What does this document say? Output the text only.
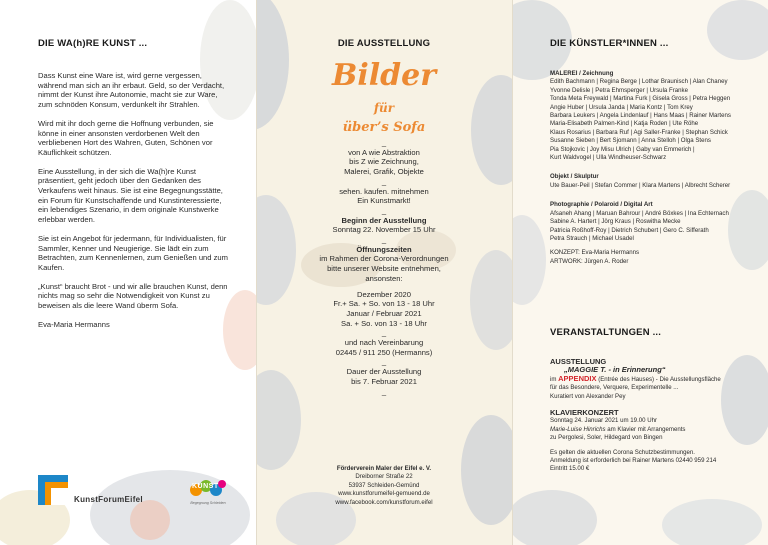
DIE WA(h)RE KUNST ...

Dass Kunst eine Ware ist, wird gerne vergessen, während man sich an ihr erbaut. Geld, so der Verdacht, nimmt der Kunst ihre Autonomie, macht sie zur Ware, zum schnöden Konsum, verdunkelt ihr Strahlen.

Wird mit ihr doch gerne die Hoffnung verbunden, sie könne in einer ansonsten verdorbenen Welt den verbliebenen Hort des Wahren, Guten, Schönen vor Käuflichkeit schützen.

Eine Ausstellung, in der sich die Wa(h)re Kunst präsentiert, geht jedoch über den Gedanken des Verkaufens weit hinaus. Sie ist eine Begegnungsstätte, ein Forum für Kunstschaffende und Kunstinteressierte, ein lebendiges Szenario, in dem originale Kunstwerke erlebbar werden.

Sie ist ein Angebot für jedermann, für Individualisten, für Sammler, Kenner und Neugierige. Sie lädt ein zum Betrachten, zum Kennenlernen, zum Genießen und zum Kaufen.

„Kunst“ braucht Brot - und wir alle brauchen Kunst, denn nichts mag so sehr die Notwendigkeit von Kunst zu beweisen als die leere Wand überm Sofa.

Eva-Maria Hermanns

KunstForumEifel
KUNST
Begegnung Schleiden
DIE AUSSTELLUNG
Bilder
für
über’s Sofa
_
von A wie Abstraktion
bis Z wie Zeichnung,
Malerei, Grafik, Objekte
_
sehen. kaufen. mitnehmen
Ein Kunstmarkt!
_
Beginn der Ausstellung
Sonntag 22. November 15 Uhr
_
Öffnungszeiten
im Rahmen der Corona-Verordnungen
bitte unserer Website entnehmen,
ansonsten:
Dezember 2020
Fr.+ Sa. + So. von 13 - 18 Uhr
Januar / Februar 2021
Sa. + So. von 13 - 18 Uhr
_
und nach Vereinbarung
02445 / 911 250 (Hermanns)
_
Dauer der Ausstellung
bis 7. Februar 2021
_
Förderverein Maler der Eifel e. V.
Dreiborner Straße 22
53937 Schleiden-Gemünd
www.kunstforumeifel-gemuend.de
www.facebook.com/kunstforum.eifel
DIE KÜNSTLER*INNEN ...
MALEREI / Zeichnung
Edith Bachmann | Regina Berge | Lothar Braunisch | Alan Chaney
Yvonne Delisle | Petra Ehmsperger | Ursula Franke
Tonda Meta Freywald | Martina Furk | Gisela Gross | Petra Heggen
Angie Huber | Ursula Janda | Maria Kontz | Tom Krey
Barbara Leukers | Angela Lindenlauf | Hans Maas | Rainer Martens
Maria-Elisabeth Palmen-Kind | Katja Roden | Ute Röhe
Klaus Rosarius | Barbara Ruf | Agi Saller-Franke | Stephan Schick
Susanne Sieben | Bert Sjomann | Anna Stelloh | Olga Stens
Pia Stojkovic | Joy Misu Ulrich | Gaby van Emmerich |
Kurt Waldvogel | Ulla Windheuser-Schwarz
Objekt / Skulptur
Ute Bauer-Peil | Stefan Commer | Klara Martens | Albrecht Scherer
Photographie / Polaroid / Digital Art
Afsaneh Ahang | Maruan Bahrour | André Böxkes | Ina Echternach
Sabine A. Hartert | Jörg Kraus | Roswitha Mecke
Patricia Roßhoff-Roy | Dietrich Schubert | Gero C. Sifferath
Petra Strauch | Michael Usadel
KONZEPT: Eva-Maria Hermanns
ARTWORK: Jürgen A. Roder
VERANSTALTUNGEN ...
AUSSTELLUNG
„MAGGIE T. - in Erinnerung“
im APPENDIX (Entrée des Hauses) - Die Ausstellungsfläche
für das Besondere, Verquere, Experimentelle ...
Kuratiert von Alexander Pey
KLAVIERKONZERT
Sonntag 24. Januar 2021 um 19.00 Uhr
Marie-Luise Hinrichs am Klavier mit Arrangements
zu Pergolesi, Soler, Hildegard von Bingen
Es gelten die aktuellen Corona Schutzbestimmungen.
Anmeldung ist erforderlich bei Rainer Martens 02440 959 214
Eintritt 15.00 €
